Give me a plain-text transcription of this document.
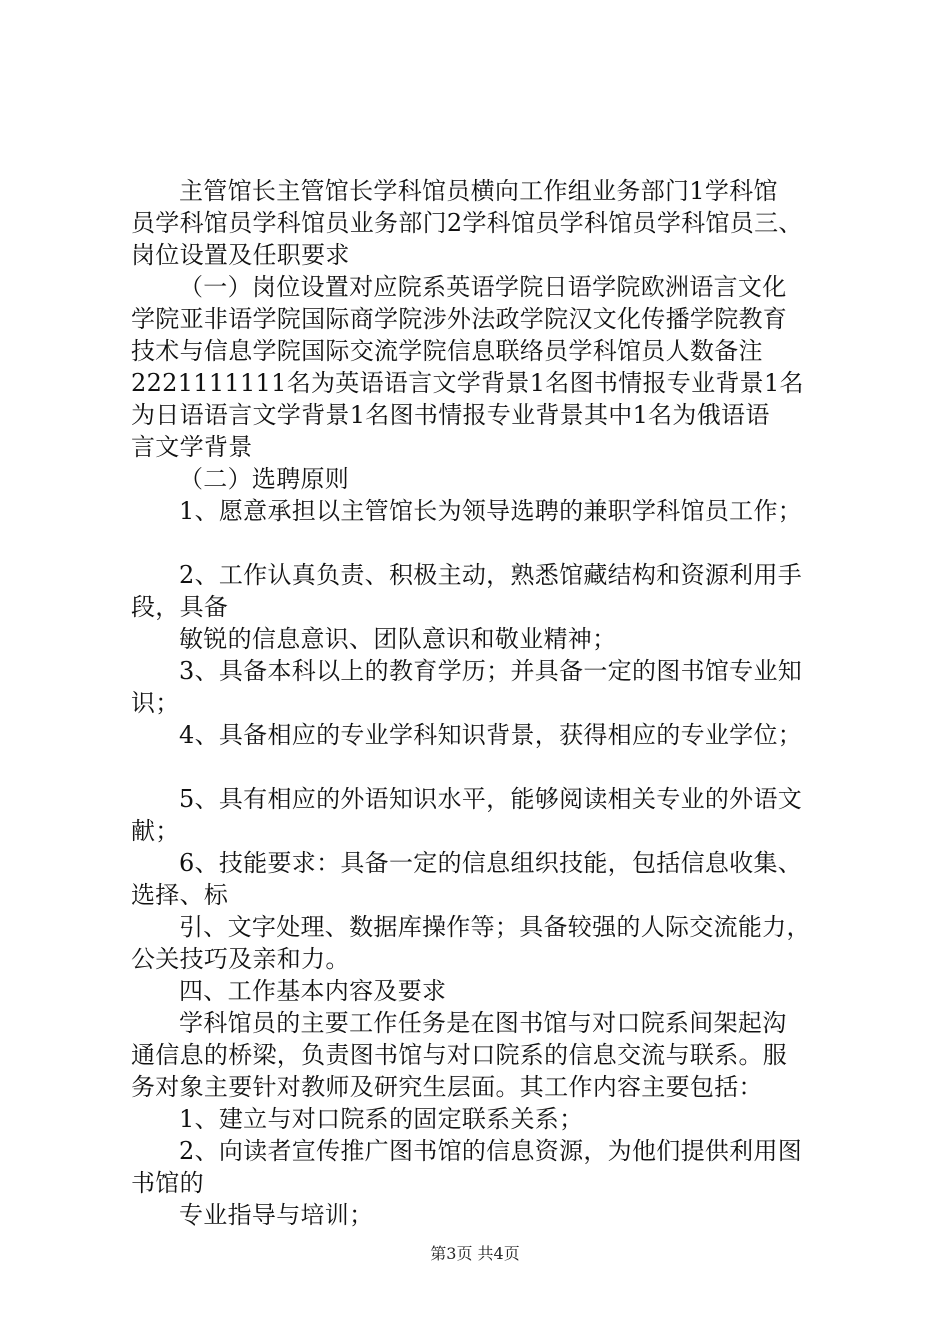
主管馆长主管馆长学科馆员横向工作组业务部门1学科馆
员学科馆员学科馆员业务部门2学科馆员学科馆员学科馆员三、
岗位设置及任职要求
（一）岗位设置对应院系英语学院日语学院欧洲语言文化
学院亚非语学院国际商学院涉外法政学院汉文化传播学院教育
技术与信息学院国际交流学院信息联络员学科馆员人数备注
2221111111名为英语语言文学背景1名图书情报专业背景1名
为日语语言文学背景1名图书情报专业背景其中1名为俄语语
言文学背景
（二）选聘原则
1、愿意承担以主管馆长为领导选聘的兼职学科馆员工作；
2、工作认真负责、积极主动，熟悉馆藏结构和资源利用手
段，具备
敏锐的信息意识、团队意识和敬业精神；
3、具备本科以上的教育学历；并具备一定的图书馆专业知
识；
4、具备相应的专业学科知识背景，获得相应的专业学位；
5、具有相应的外语知识水平，能够阅读相关专业的外语文
献；
6、技能要求：具备一定的信息组织技能，包括信息收集、
选择、标
引、文字处理、数据库操作等；具备较强的人际交流能力，
公关技巧及亲和力。
四、工作基本内容及要求
学科馆员的主要工作任务是在图书馆与对口院系间架起沟
通信息的桥梁，负责图书馆与对口院系的信息交流与联系。服
务对象主要针对教师及研究生层面。其工作内容主要包括：
1、建立与对口院系的固定联系关系；
2、向读者宣传推广图书馆的信息资源，为他们提供利用图
书馆的
专业指导与培训；
第3页 共4页
